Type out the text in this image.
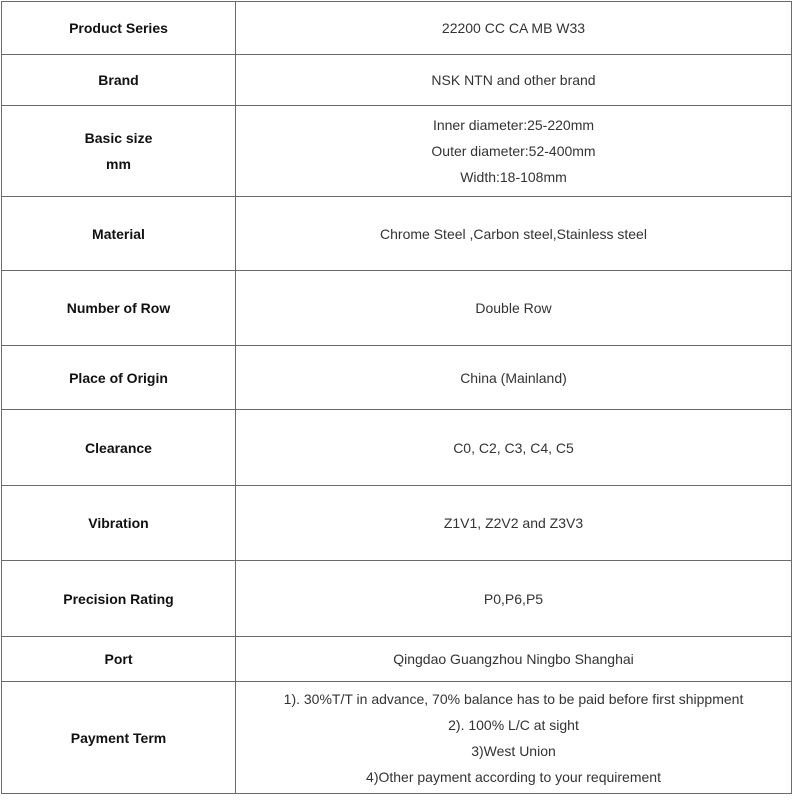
Product Series	22200 CC CA MB W33

Brand	NSK NTN and other brand

Basic size
mm	Inner diameter:25-220mm
Outer diameter:52-400mm
Width:18-108mm

Material	Chrome Steel ,Carbon steel,Stainless steel

Number of Row	Double Row

Place of Origin	China (Mainland)

Clearance	C0, C2, C3, C4, C5

Vibration	Z1V1, Z2V2 and Z3V3

Precision Rating	P0,P6,P5

Port	Qingdao Guangzhou Ningbo Shanghai

Payment Term	1). 30%T/T in advance, 70% balance has to be paid before first shippment
2). 100% L/C at sight
3)West Union
4)Other payment according to your requirement
